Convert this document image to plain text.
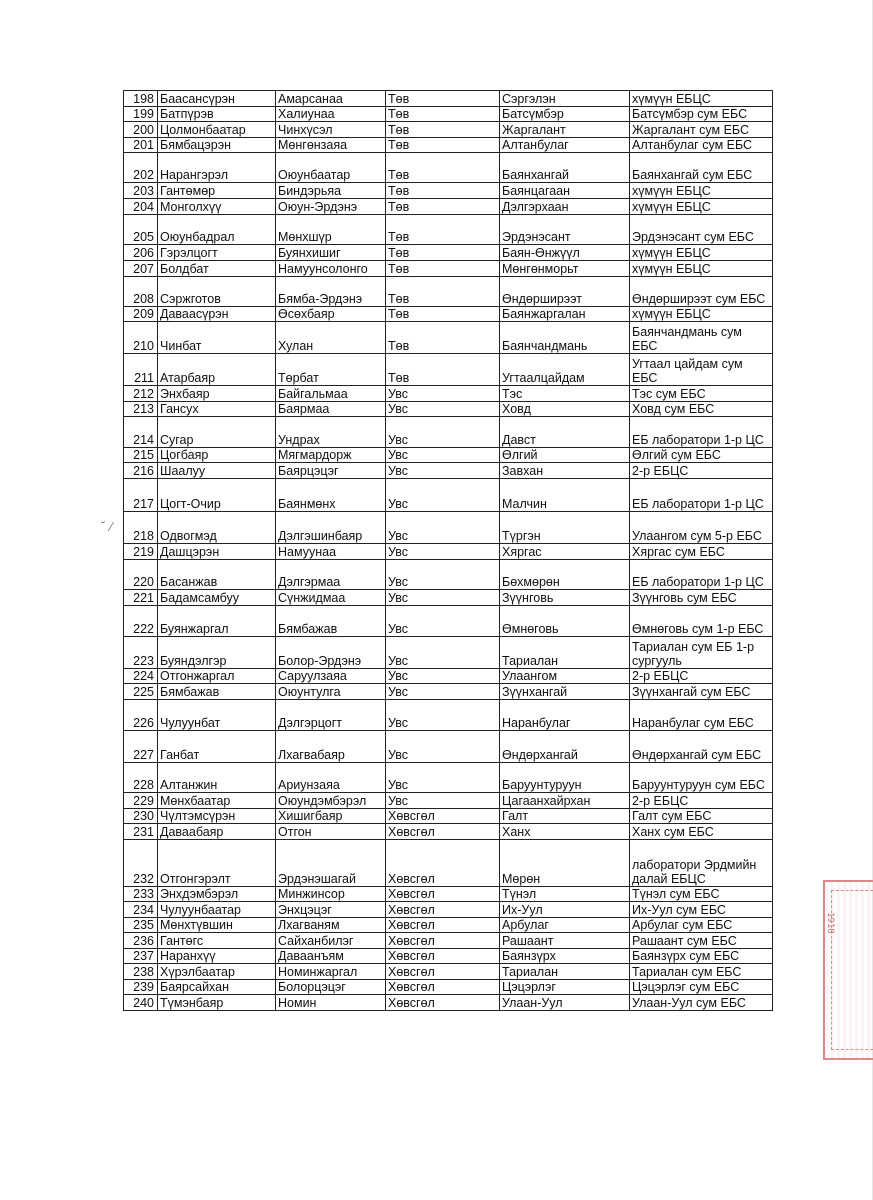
198	Баасансүрэн	Амарсанаа	Төв	Сэргэлэн	хүмүүн ЕБЦС
199	Батпүрэв	Халиунаа	Төв	Батсүмбэр	Батсүмбэр сум ЕБС
200	Цолмонбаатар	Чинхүсэл	Төв	Жаргалант	Жаргалант сум ЕБС
201	Бямбацэрэн	Мөнгөнзаяа	Төв	Алтанбулаг	Алтанбулаг сум ЕБС
202	Нарангэрэл	Оюунбаатар	Төв	Баянхангай	Баянхангай сум ЕБС
203	Гантөмөр	Биндэрьяа	Төв	Баянцагаан	хүмүүн ЕБЦС
204	Монголхүү	Оюун-Эрдэнэ	Төв	Дэлгэрхаан	хүмүүн ЕБЦС
205	Оюунбадрал	Мөнхшүр	Төв	Эрдэнэсант	Эрдэнэсант сум ЕБС
206	Гэрэлцогт	Буянхишиг	Төв	Баян-Өнжүүл	хүмүүн ЕБЦС
207	Болдбат	Намуунсолонго	Төв	Мөнгөнморьт	хүмүүн ЕБЦС
208	Сэржготов	Бямба-Эрдэнэ	Төв	Өндөрширээт	Өндөрширээт сум ЕБС
209	Даваасүрэн	Өсөхбаяр	Төв	Баянжаргалан	хүмүүн ЕБЦС
210	Чинбат	Хулан	Төв	Баянчандмань	Баянчандмань сум ЕБС
211	Атарбаяр	Төрбат	Төв	Угтаалцайдам	Угтаал цайдам сум ЕБС
212	Энхбаяр	Байгальмаа	Увс	Тэс	Тэс сум ЕБС
213	Гансух	Баярмаа	Увс	Ховд	Ховд сум ЕБС
214	Сугар	Ундрах	Увс	Давст	ЕБ лаборатори 1-р ЦС
215	Цогбаяр	Мягмардорж	Увс	Өлгий	Өлгий сум ЕБС
216	Шаалуу	Баярцэцэг	Увс	Завхан	2-р ЕБЦС
217	Цогт-Очир	Баянмөнх	Увс	Малчин	ЕБ лаборатори 1-р ЦС
218	Одвогмэд	Дэлгэшинбаяр	Увс	Түргэн	Улаангом сум 5-р ЕБС
219	Дашцэрэн	Намуунаа	Увс	Хяргас	Хяргас сум ЕБС
220	Басанжав	Дэлгэрмаа	Увс	Бөхмөрөн	ЕБ лаборатори 1-р ЦС
221	Бадамсамбуу	Сүнжидмаа	Увс	Зүүнговь	Зүүнговь сум ЕБС
222	Буянжаргал	Бямбажав	Увс	Өмнөговь	Өмнөговь сум 1-р ЕБС
223	Буяндэлгэр	Болор-Эрдэнэ	Увс	Тариалан	Тариалан сум ЕБ 1-р сургууль
224	Отгонжаргал	Саруулзаяа	Увс	Улаангом	2-р ЕБЦС
225	Бямбажав	Оюунтулга	Увс	Зүүнхангай	Зүүнхангай сум ЕБС
226	Чулуунбат	Дэлгэрцогт	Увс	Наранбулаг	Наранбулаг сум ЕБС
227	Ганбат	Лхагвабаяр	Увс	Өндөрхангай	Өндөрхангай сум ЕБС
228	Алтанжин	Ариунзаяа	Увс	Баруунтуруун	Баруунтуруун сум ЕБС
229	Мөнхбаатар	Оюундэмбэрэл	Увс	Цагаанхайрхан	2-р ЕБЦС
230	Чүлтэмсүрэн	Хишигбаяр	Хөвсгөл	Галт	Галт сум ЕБС
231	Даваабаяр	Отгон	Хөвсгөл	Ханх	Ханх сум ЕБС
232	Отгонгэрэлт	Эрдэнэшагай	Хөвсгөл	Мөрөн	лаборатори Эрдмийн далай ЕБЦС
233	Энхдэмбэрэл	Минжинсор	Хөвсгөл	Түнэл	Түнэл сум ЕБС
234	Чулуунбаатар	Энхцэцэг	Хөвсгөл	Их-Уул	Их-Уул сум ЕБС
235	Мөнхтүвшин	Лхагваням	Хөвсгөл	Арбулаг	Арбулаг сум ЕБС
236	Гантөгс	Сайханбилэг	Хөвсгөл	Рашаант	Рашаант сум ЕБС
237	Наранхүү	Даваанъям	Хөвсгөл	Баянзүрх	Баянзүрх сум ЕБС
238	Хүрэлбаатар	Номинжаргал	Хөвсгөл	Тариалан	Тариалан сум ЕБС
239	Баярсайхан	Болорцэцэг	Хөвсгөл	Цэцэрлэг	Цэцэрлэг сум ЕБС
240	Түмэнбаяр	Номин	Хөвсгөл	Улаан-Уул	Улаан-Уул сум ЕБС
˘ ⁄
1918
